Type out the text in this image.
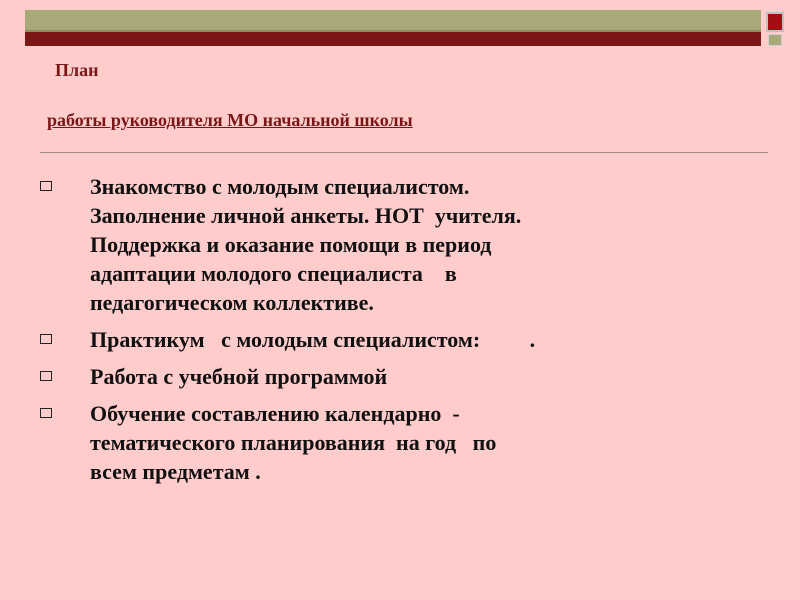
План
работы руководителя МО начальной школы
Знакомство с молодым специалистом.
Заполнение личной анкеты. НОТ  учителя.
Поддержка и оказание помощи в период
адаптации молодого специалиста    в
педагогическом коллективе.
Практикум   с молодым специалистом:         .
Работа с учебной программой
Обучение составлению календарно  -
тематического планирования  на год   по
всем предметам .
